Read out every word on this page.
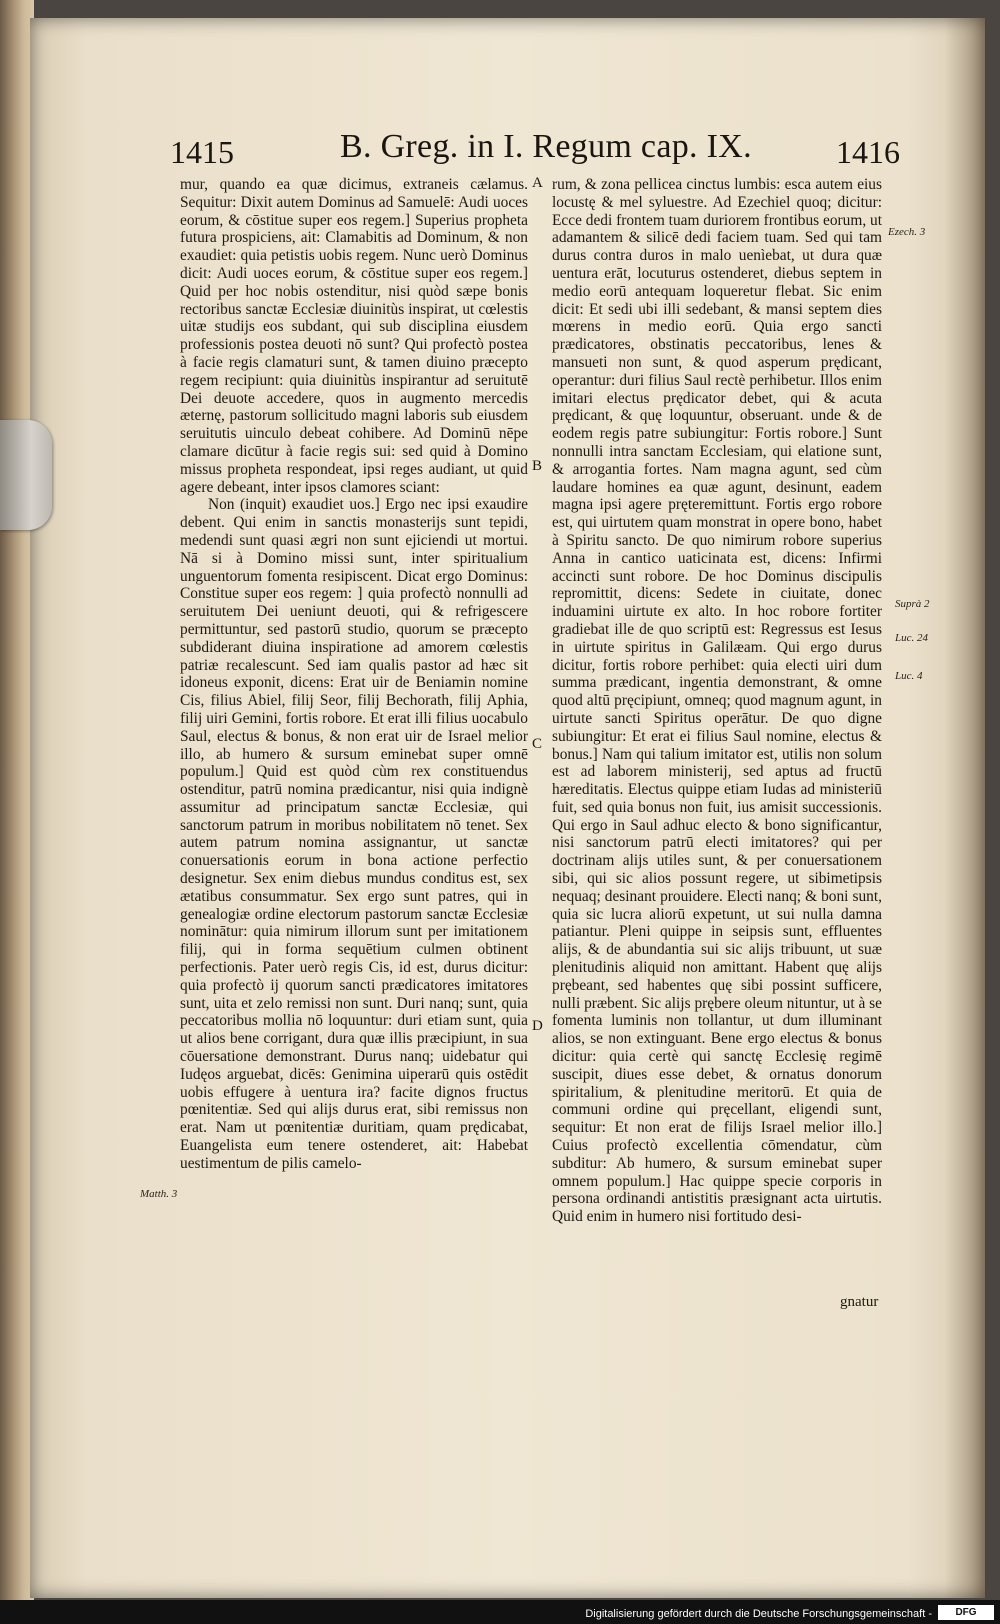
1415	B. Greg. in I. Regum cap. IX.	1416

mur, quando ea quæ dicimus, extraneis cælamus. Sequitur: Dixit autem Dominus ad Samuelē: Audi uoces eorum, & cōstitue super eos regem.] Superius propheta futura prospiciens, ait: Clamabitis ad Dominum, & non exaudiet: quia petistis uobis regem. Nunc uerò Dominus dicit: Audi uoces eorum, & cōstitue super eos regem.] Quid per hoc nobis ostenditur, nisi quòd sæpe bonis rectoribus sanctæ Ecclesiæ diuinitùs inspirat, ut cœlestis uitæ studijs eos subdant, qui sub disciplina eiusdem professionis postea deuoti nō sunt? Qui profectò postea à facie regis clamaturi sunt, & tamen diuino præcepto regem recipiunt: quia diuinitùs inspirantur ad seruitutē Dei deuote accedere, quos in augmento mercedis æternę, pastorum sollicitudo magni laboris sub eiusdem seruitutis uinculo debeat cohibere. Ad Dominū nēpe clamare dicūtur à facie regis sui: sed quid à Domino missus propheta respondeat, ipsi reges audiant, ut quid agere debeant, inter ipsos clamores sciant:

Non (inquit) exaudiet uos.] Ergo nec ipsi exaudire debent. Qui enim in sanctis monasterijs sunt tepidi, medendi sunt quasi ægri non sunt ejiciendi ut mortui. Nā si à Domino missi sunt, inter spiritualium unguentorum fomenta resipiscent. Dicat ergo Dominus: Constitue super eos regem: ] quia profectò nonnulli ad seruitutem Dei ueniunt deuoti, qui & refrigescere permittuntur, sed pastorū studio, quorum se præcepto subdiderant diuina inspiratione ad amorem cœlestis patriæ recalescunt. Sed iam qualis pastor ad hæc sit idoneus exponit, dicens: Erat uir de Beniamin nomine Cis, filius Abiel, filij Seor, filij Bechorath, filij Aphia, filij uiri Gemini, fortis robore. Et erat illi filius uocabulo Saul, electus & bonus, & non erat uir de Israel melior illo, ab humero & sursum eminebat super omnē populum.] Quid est quòd cùm rex constituendus ostenditur, patrū nomina prædicantur, nisi quia indignè assumitur ad principatum sanctæ Ecclesiæ, qui sanctorum patrum in moribus nobilitatem nō tenet. Sex autem patrum nomina assignantur, ut sanctæ conuersationis eorum in bona actione perfectio designetur. Sex enim diebus mundus conditus est, sex ætatibus consummatur. Sex ergo sunt patres, qui in genealogiæ ordine electorum pastorum sanctæ Ecclesiæ nominātur: quia nimirum illorum sunt per imitationem filij, qui in forma sequētium culmen obtinent perfectionis. Pater uerò regis Cis, id est, durus dicitur: quia profectò ij quorum sancti prædicatores imitatores sunt, uita et zelo remissi non sunt. Duri nanq; sunt, quia peccatoribus mollia nō loquuntur: duri etiam sunt, quia ut alios bene corrigant, dura quæ illis præcipiunt, in sua cōuersatione demonstrant. Durus nanq; uidebatur qui Iudęos arguebat, dicēs: Genimina uiperarū quis ostēdit uobis effugere à uentura ira? facite dignos fructus pœnitentiæ. Sed qui alijs durus erat, sibi remissus non erat. Nam ut pœnitentiæ duritiam, quam prędicabat, Euangelista eum tenere ostenderet, ait: Habebat uestimentum de pilis camelo-

rum, & zona pellicea cinctus lumbis: esca autem eius locustę & mel syluestre. Ad Ezechiel quoq; dicitur: Ecce dedi frontem tuam duriorem frontibus eorum, ut adamantem & silicē dedi faciem tuam. Sed qui tam durus contra duros in malo uenìebat, ut dura quæ uentura erāt, locuturus ostenderet, diebus septem in medio eorū antequam loqueretur flebat. Sic enim dicit: Et sedi ubi illi sedebant, & mansi septem dies mœrens in medio eorū. Quia ergo sancti prædicatores, obstinatis peccatoribus, lenes & mansueti non sunt, & quod asperum prędicant, operantur: duri filius Saul rectè perhibetur. Illos enim imitari electus prędicator debet, qui & acuta prędicant, & quę loquuntur, obseruant. unde & de eodem regis patre subiungitur: Fortis robore.] Sunt nonnulli intra sanctam Ecclesiam, qui elatione sunt, & arrogantia fortes. Nam magna agunt, sed cùm laudare homines ea quæ agunt, desinunt, eadem magna ipsi agere pręteremittunt. Fortis ergo robore est, qui uirtutem quam monstrat in opere bono, habet à Spiritu sancto. De quo nimirum robore superius Anna in cantico uaticinata est, dicens: Infirmi accincti sunt robore. De hoc Dominus discipulis repromittit, dicens: Sedete in ciuitate, donec induamini uirtute ex alto. In hoc robore fortiter gradiebat ille de quo scriptū est: Regressus est Iesus in uirtute spiritus in Galilæam. Qui ergo durus dicitur, fortis robore perhibet: quia electi uiri dum summa prædicant, ingentia demonstrant, & omne quod altū pręcipiunt, omneq; quod magnum agunt, in uirtute sancti Spiritus operātur. De quo digne subiungitur: Et erat ei filius Saul nomine, electus & bonus.] Nam qui talium imitator est, utilis non solum est ad laborem ministerij, sed aptus ad fructū hæreditatis. Electus quippe etiam Iudas ad ministeriū fuit, sed quia bonus non fuit, ius amisit successionis. Qui ergo in Saul adhuc electo & bono significantur, nisi sanctorum patrū electi imitatores? qui per doctrinam alijs utiles sunt, & per conuersationem sibi, qui sic alios possunt regere, ut sibimetipsis nequaq; desinant prouidere. Electi nanq; & boni sunt, quia sic lucra aliorū expetunt, ut sui nulla damna patiantur. Pleni quippe in seipsis sunt, effluentes alijs, & de abundantia sui sic alijs tribuunt, ut suæ plenitudinis aliquid non amittant. Habent quę alijs prębeant, sed habentes quę sibi possint sufficere, nulli præbent. Sic alijs prębere oleum nituntur, ut à se fomenta luminis non tollantur, ut dum illuminant alios, se non extinguant. Bene ergo electus & bonus dicitur: quia certè qui sanctę Ecclesię regimē suscipit, diues esse debet, & ornatus donorum spiritalium, & plenitudine meritorū. Et quia de communi ordine qui pręcellant, eligendi sunt, sequitur: Et non erat de filijs Israel melior illo.] Cuius profectò excellentia cōmendatur, cùm subditur: Ab humero, & sursum eminebat super omnem populum.] Hac quippe specie corporis in persona ordinandi antistitis præsignant acta uirtutis. Quid enim in humero nisi fortitudo desi-

A
B
C
D
Ezech. 3
Suprà 2
Luc. 24
Luc. 4
Matth. 3
gnatur
Digitalisierung gefördert durch die Deutsche Forschungsgemeinschaft -	DFG
